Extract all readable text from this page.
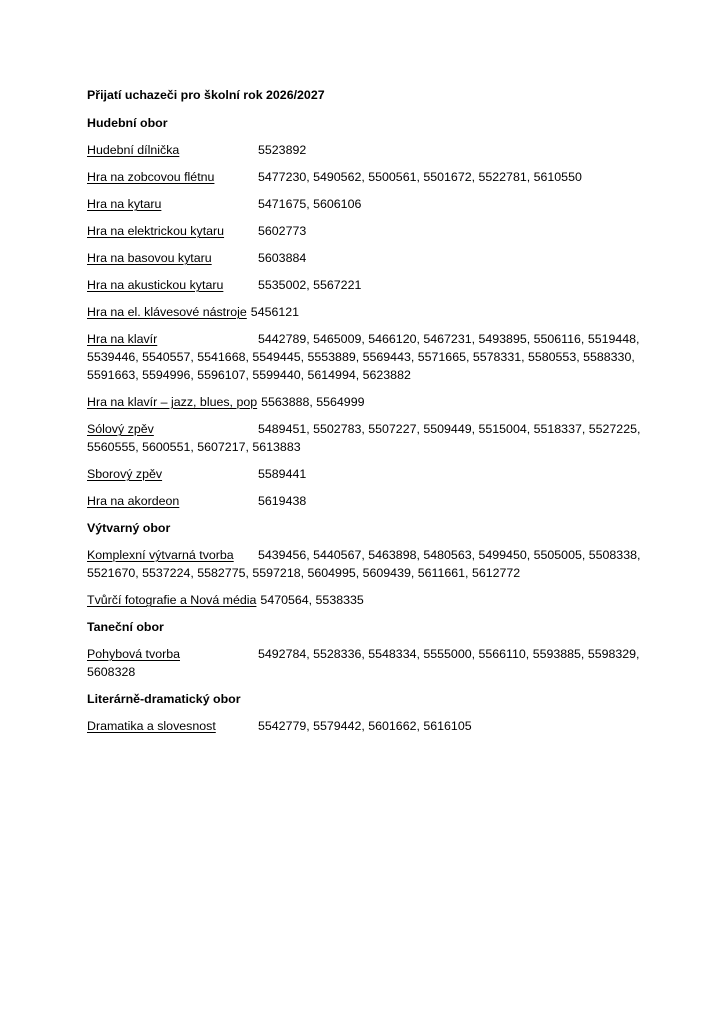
Přijatí uchazeči pro školní rok 2026/2027
Hudební obor
Hudební dílnička	5523892
Hra na zobcovou flétnu	5477230, 5490562, 5500561, 5501672, 5522781, 5610550
Hra na kytaru	5471675, 5606106
Hra na elektrickou kytaru	5602773
Hra na basovou kytaru	5603884
Hra na akustickou kytaru	5535002, 5567221
Hra na el. klávesové nástroje 5456121
Hra na klavír	5442789, 5465009, 5466120, 5467231, 5493895, 5506116, 5519448, 5539446, 5540557, 5541668, 5549445, 5553889, 5569443, 5571665, 5578331, 5580553, 5588330, 5591663, 5594996, 5596107, 5599440, 5614994, 5623882
Hra na klavír – jazz, blues, pop 5563888, 5564999
Sólový zpěv	5489451, 5502783, 5507227, 5509449, 5515004, 5518337, 5527225, 5560555, 5600551, 5607217, 5613883
Sborový zpěv	5589441
Hra na akordeon	5619438
Výtvarný obor
Komplexní výtvarná tvorba 5439456, 5440567, 5463898, 5480563, 5499450, 5505005, 5508338, 5521670, 5537224, 5582775, 5597218, 5604995, 5609439, 5611661, 5612772
Tvůrčí fotografie a Nová média 5470564, 5538335
Taneční obor
Pohybová tvorba	5492784, 5528336, 5548334, 5555000, 5566110, 5593885, 5598329, 5608328
Literárně-dramatický obor
Dramatika a slovesnost	5542779, 5579442, 5601662, 5616105
